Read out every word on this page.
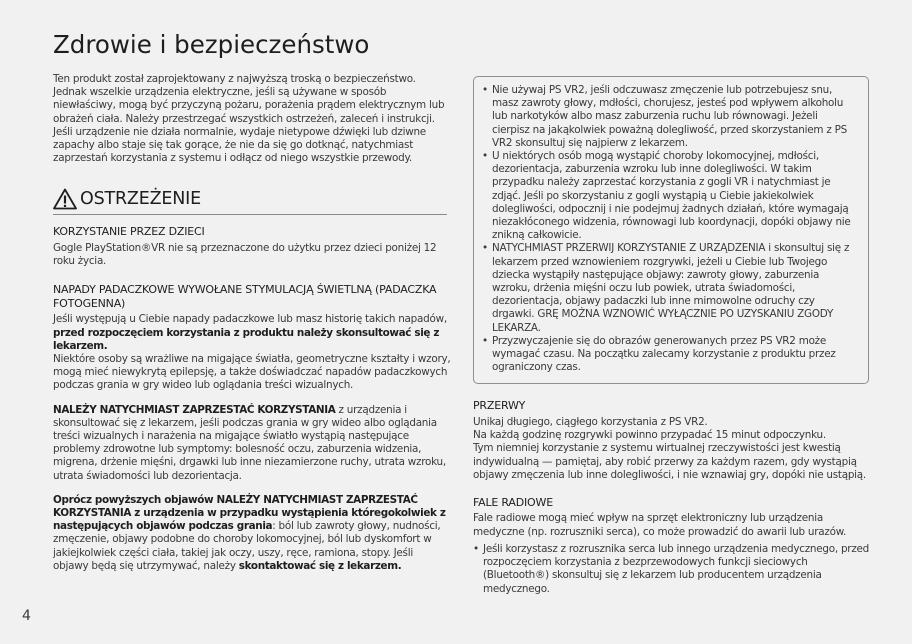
Zdrowie i bezpieczeństwo

Ten produkt został zaprojektowany z najwyższą troską o bezpieczeństwo. Jednak wszelkie urządzenia elektryczne, jeśli są używane w sposób niewłaściwy, mogą być przyczyną pożaru, porażenia prądem elektrycznym lub obrażeń ciała. Należy przestrzegać wszystkich ostrzeżeń, zaleceń i instrukcji.

Jeśli urządzenie nie działa normalnie, wydaje nietypowe dźwięki lub dziwne zapachy albo staje się tak gorące, że nie da się go dotknąć, natychmiast zaprzestań korzystania z systemu i odłącz od niego wszystkie przewody.

OSTRZEŻENIE
KORZYSTANIE PRZEZ DZIECI

Gogle PlayStation®VR nie są przeznaczone do użytku przez dzieci poniżej 12 roku życia.

NAPADY PADACZKOWE WYWOŁANE STYMULACJĄ ŚWIETLNĄ (PADACZKA FOTOGENNA)

Jeśli występują u Ciebie napady padaczkowe lub masz historię takich napadów, przed rozpoczęciem korzystania z produktu należy skonsultować się z lekarzem.

Niektóre osoby są wrażliwe na migające światła, geometryczne kształty i wzory, mogą mieć niewykrytą epilepsję, a także doświadczać napadów padaczkowych podczas grania w gry wideo lub oglądania treści wizualnych.

NALEŻY NATYCHMIAST ZAPRZESTAĆ KORZYSTANIA z urządzenia i skonsultować się z lekarzem, jeśli podczas grania w gry wideo albo oglądania treści wizualnych i narażenia na migające światło wystąpią następujące problemy zdrowotne lub symptomy: bolesność oczu, zaburzenia widzenia, migrena, drżenie mięśni, drgawki lub inne niezamierzone ruchy, utrata wzroku, utrata świadomości lub dezorientacja.

Oprócz powyższych objawów NALEŻY NATYCHMIAST ZAPRZESTAĆ KORZYSTANIA z urządzenia w przypadku wystąpienia któregokolwiek z następujących objawów podczas grania: ból lub zawroty głowy, nudności, zmęczenie, objawy podobne do choroby lokomocyjnej, ból lub dyskomfort w jakiejkolwiek części ciała, takiej jak oczy, uszy, ręce, ramiona, stopy. Jeśli objawy będą się utrzymywać, należy skontaktować się z lekarzem.

• Nie używaj PS VR2, jeśli odczuwasz zmęczenie lub potrzebujesz snu, masz zawroty głowy, mdłości, chorujesz, jesteś pod wpływem alkoholu lub narkotyków albo masz zaburzenia ruchu lub równowagi. Jeżeli cierpisz na jakąkolwiek poważną dolegliwość, przed skorzystaniem z PS VR2 skonsultuj się najpierw z lekarzem.
• U niektórych osób mogą wystąpić choroby lokomocyjnej, mdłości, dezorientacja, zaburzenia wzroku lub inne dolegliwości. W takim przypadku należy zaprzestać korzystania z gogli VR i natychmiast je zdjąć. Jeśli po skorzystaniu z gogli wystąpią u Ciebie jakiekolwiek dolegliwości, odpocznij i nie podejmuj żadnych działań, które wymagają niezakłóconego widzenia, równowagi lub koordynacji, dopóki objawy nie znikną całkowicie.
• NATYCHMIAST PRZERWIJ KORZYSTANIE Z URZĄDZENIA i skonsultuj się z lekarzem przed wznowieniem rozgrywki, jeżeli u Ciebie lub Twojego dziecka wystąpiły następujące objawy: zawroty głowy, zaburzenia wzroku, drżenia mięśni oczu lub powiek, utrata świadomości, dezorientacja, objawy padaczki lub inne mimowolne odruchy czy drgawki. GRĘ MOŻNA WZNOWIĆ WYŁĄCZNIE PO UZYSKANIU ZGODY LEKARZA.
• Przyzwyczajenie się do obrazów generowanych przez PS VR2 może wymagać czasu. Na początku zalecamy korzystanie z produktu przez ograniczony czas.
PRZERWY

Unikaj długiego, ciągłego korzystania z PS VR2.

Na każdą godzinę rozgrywki powinno przypadać 15 minut odpoczynku.

Tym niemniej korzystanie z systemu wirtualnej rzeczywistości jest kwestią indywidualną — pamiętaj, aby robić przerwy za każdym razem, gdy wystąpią objawy zmęczenia lub inne dolegliwości, i nie wznawiaj gry, dopóki nie ustąpią.

FALE RADIOWE

Fale radiowe mogą mieć wpływ na sprzęt elektroniczny lub urządzenia medyczne (np. rozruszniki serca), co może prowadzić do awarii lub urazów.

• Jeśli korzystasz z rozrusznika serca lub innego urządzenia medycznego, przed rozpoczęciem korzystania z bezprzewodowych funkcji sieciowych (Bluetooth®) skonsultuj się z lekarzem lub producentem urządzenia medycznego.
4
